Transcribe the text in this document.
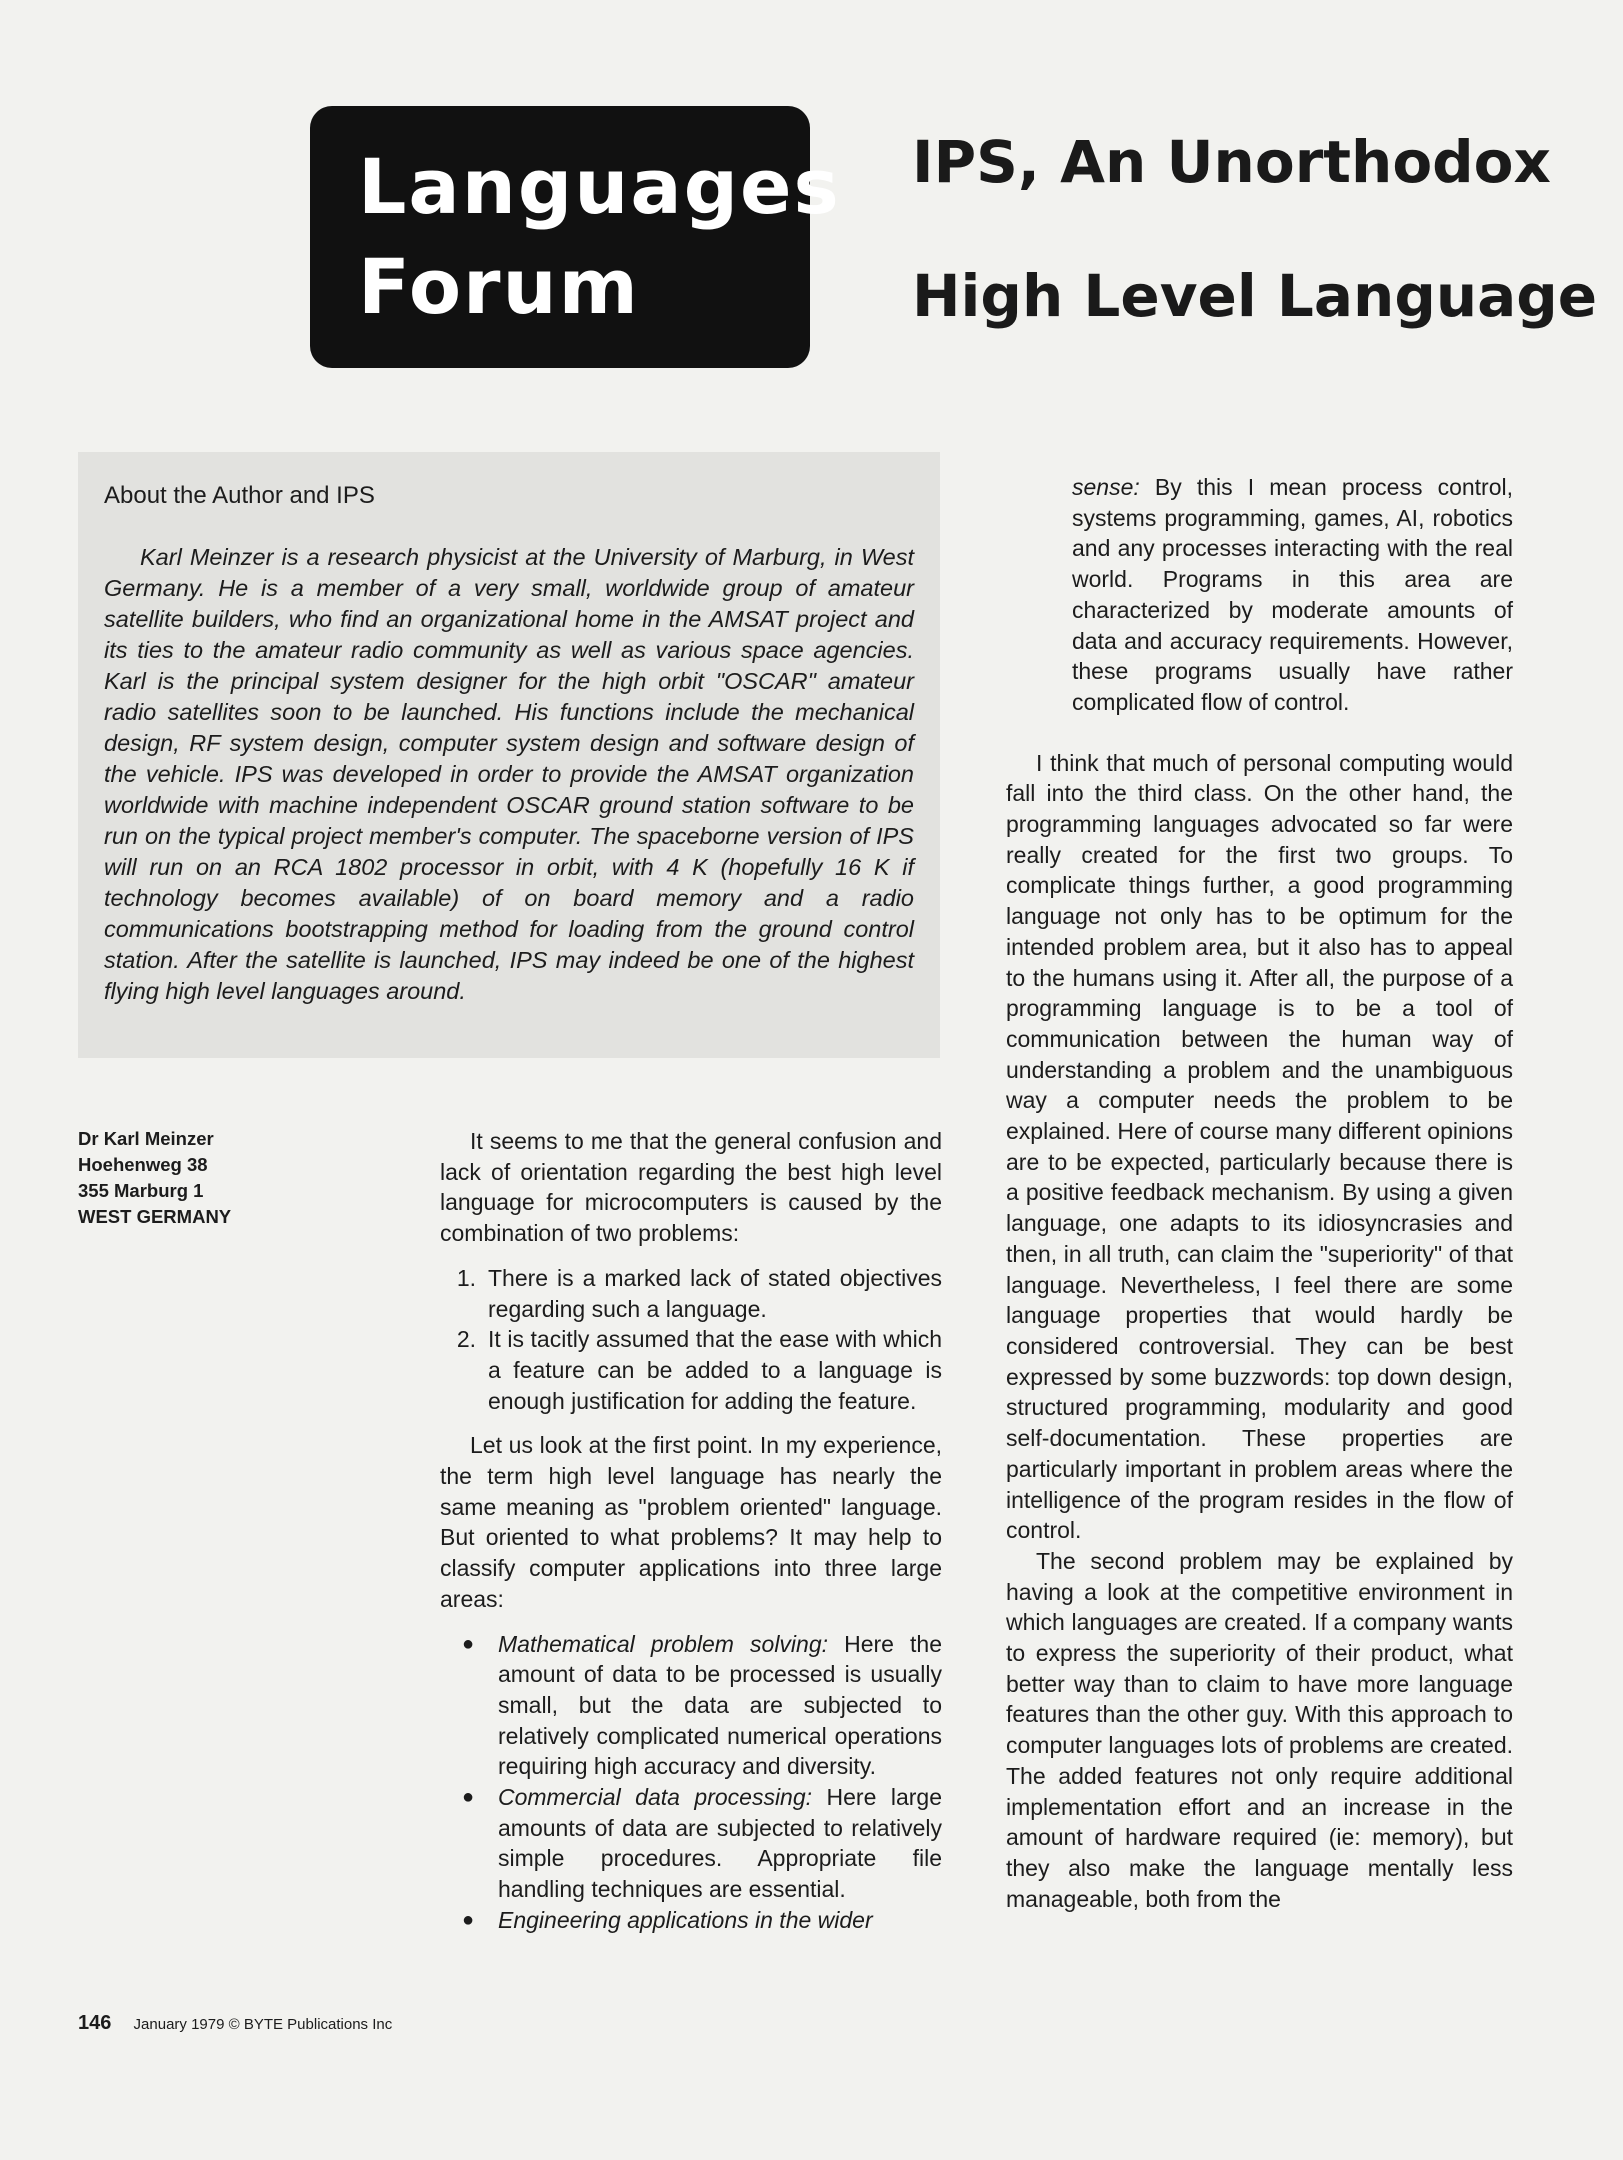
Languages
Forum
IPS, An Unorthodox
High Level Language
About the Author and IPS

Karl Meinzer is a research physicist at the University of Marburg, in West Germany. He is a member of a very small, worldwide group of amateur satellite builders, who find an organizational home in the AMSAT project and its ties to the amateur radio community as well as various space agencies. Karl is the principal system designer for the high orbit "OSCAR" amateur radio satellites soon to be launched. His functions include the mechanical design, RF system design, computer system design and software design of the vehicle. IPS was developed in order to provide the AMSAT organization worldwide with machine independent OSCAR ground station software to be run on the typical project member's computer. The spaceborne version of IPS will run on an RCA 1802 processor in orbit, with 4 K (hopefully 16 K if technology becomes available) of on board memory and a radio communications bootstrapping method for loading from the ground control station. After the satellite is launched, IPS may indeed be one of the highest flying high level languages around.

Dr Karl Meinzer
Hoehenweg 38
355 Marburg 1
WEST GERMANY

It seems to me that the general confusion and lack of orientation regarding the best high level language for microcomputers is caused by the combination of two problems:

1. There is a marked lack of stated objectives regarding such a language.
2. It is tacitly assumed that the ease with which a feature can be added to a language is enough justification for adding the feature.

Let us look at the first point. In my experience, the term high level language has nearly the same meaning as "problem oriented" language. But oriented to what problems? It may help to classify computer applications into three large areas:

●	Mathematical problem solving: Here the amount of data to be processed is usually small, but the data are subjected to relatively complicated numerical operations requiring high accuracy and diversity.
●	Commercial data processing: Here large amounts of data are subjected to relatively simple procedures. Appropriate file handling techniques are essential.
●	Engineering applications in the wider

sense: By this I mean process control, systems programming, games, AI, robotics and any processes interacting with the real world. Programs in this area are characterized by moderate amounts of data and accuracy requirements. However, these programs usually have rather complicated flow of control.

I think that much of personal computing would fall into the third class. On the other hand, the programming languages advocated so far were really created for the first two groups. To complicate things further, a good programming language not only has to be optimum for the intended problem area, but it also has to appeal to the humans using it. After all, the purpose of a programming language is to be a tool of communication between the human way of understanding a problem and the unambiguous way a computer needs the problem to be explained. Here of course many different opinions are to be expected, particularly because there is a positive feedback mechanism. By using a given language, one adapts to its idiosyncrasies and then, in all truth, can claim the "superiority" of that language. Nevertheless, I feel there are some language properties that would hardly be considered controversial. They can be best expressed by some buzzwords: top down design, structured programming, modularity and good self-documentation. These properties are particularly important in problem areas where the intelligence of the program resides in the flow of control.

The second problem may be explained by having a look at the competitive environment in which languages are created. If a company wants to express the superiority of their product, what better way than to claim to have more language features than the other guy. With this approach to computer languages lots of problems are created. The added features not only require additional implementation effort and an increase in the amount of hardware required (ie: memory), but they also make the language mentally less manageable, both from the

146 January 1979 © BYTE Publications Inc
